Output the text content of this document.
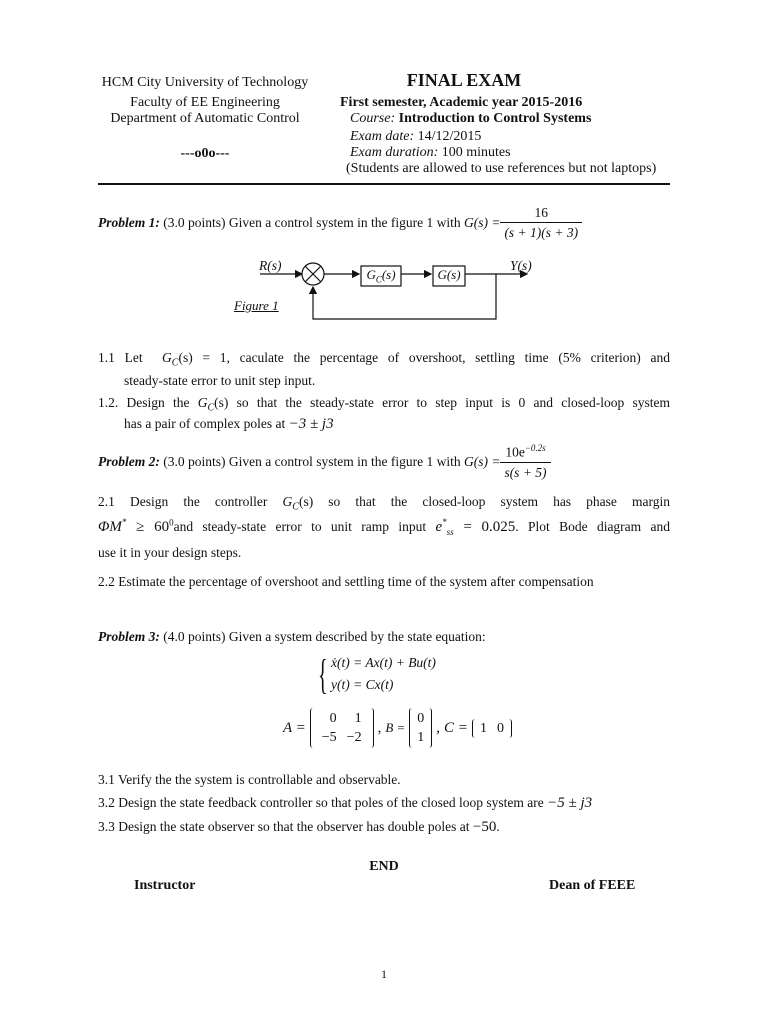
HCM City University of Technology
Faculty of EE Engineering
Department of Automatic Control
---o0o---
FINAL EXAM
First semester, Academic year 2015-2016
Course: Introduction to Control Systems
Exam date: 14/12/2015
Exam duration: 100 minutes
(Students are allowed to use references but not laptops)
Problem 1:
(3.0 points) Given a control system in the figure 1 with
$G(s) = \frac{16}{(s + 1)(s + 3)}$
R(s)	Y(s)
$G_C(s)$	G(s)
Figure 1
1.1 Let $G_C(s) = 1$, caculate the percentage of overshoot, settling time (5% criterion) and
steady-state error to unit step input.
1.2. Design the $G_C(s)$ so that the steady-state error to step input is 0 and closed-loop system
has a pair of complex poles at −3 ± j3
Problem 2:
(3.0 points) Given a control system in the figure 1 with
$G(s) = \frac{10e^{-0.2s}}{s(s + 5)}$
2.1 Design the controller $G_C(s)$ so that the closed-loop system has phase margin
$\Phi M^* \ge 60^0and$ steady-state error to unit ramp input $e^*_{ss} = 0.025$. Plot Bode diagram and
use it in your design steps.
2.2 Estimate the percentage of overshoot and settling time of the system after compensation
Problem 3: (4.0 points) Given a system described by the state equation:
{ ẋ(t) = Ax(t) + Bu(t)
y(t) = Cx(t)
A =
0	1
−5	−2
, B =
0
1
, C = 1	0
3.1 Verify the the system is controllable and observable.
3.2 Design the state feedback controller so that poles of the closed loop system are −5 ± j3
3.3 Design the state observer so that the observer has double poles at −50.
END
Instructor	Dean of FEEE
1
